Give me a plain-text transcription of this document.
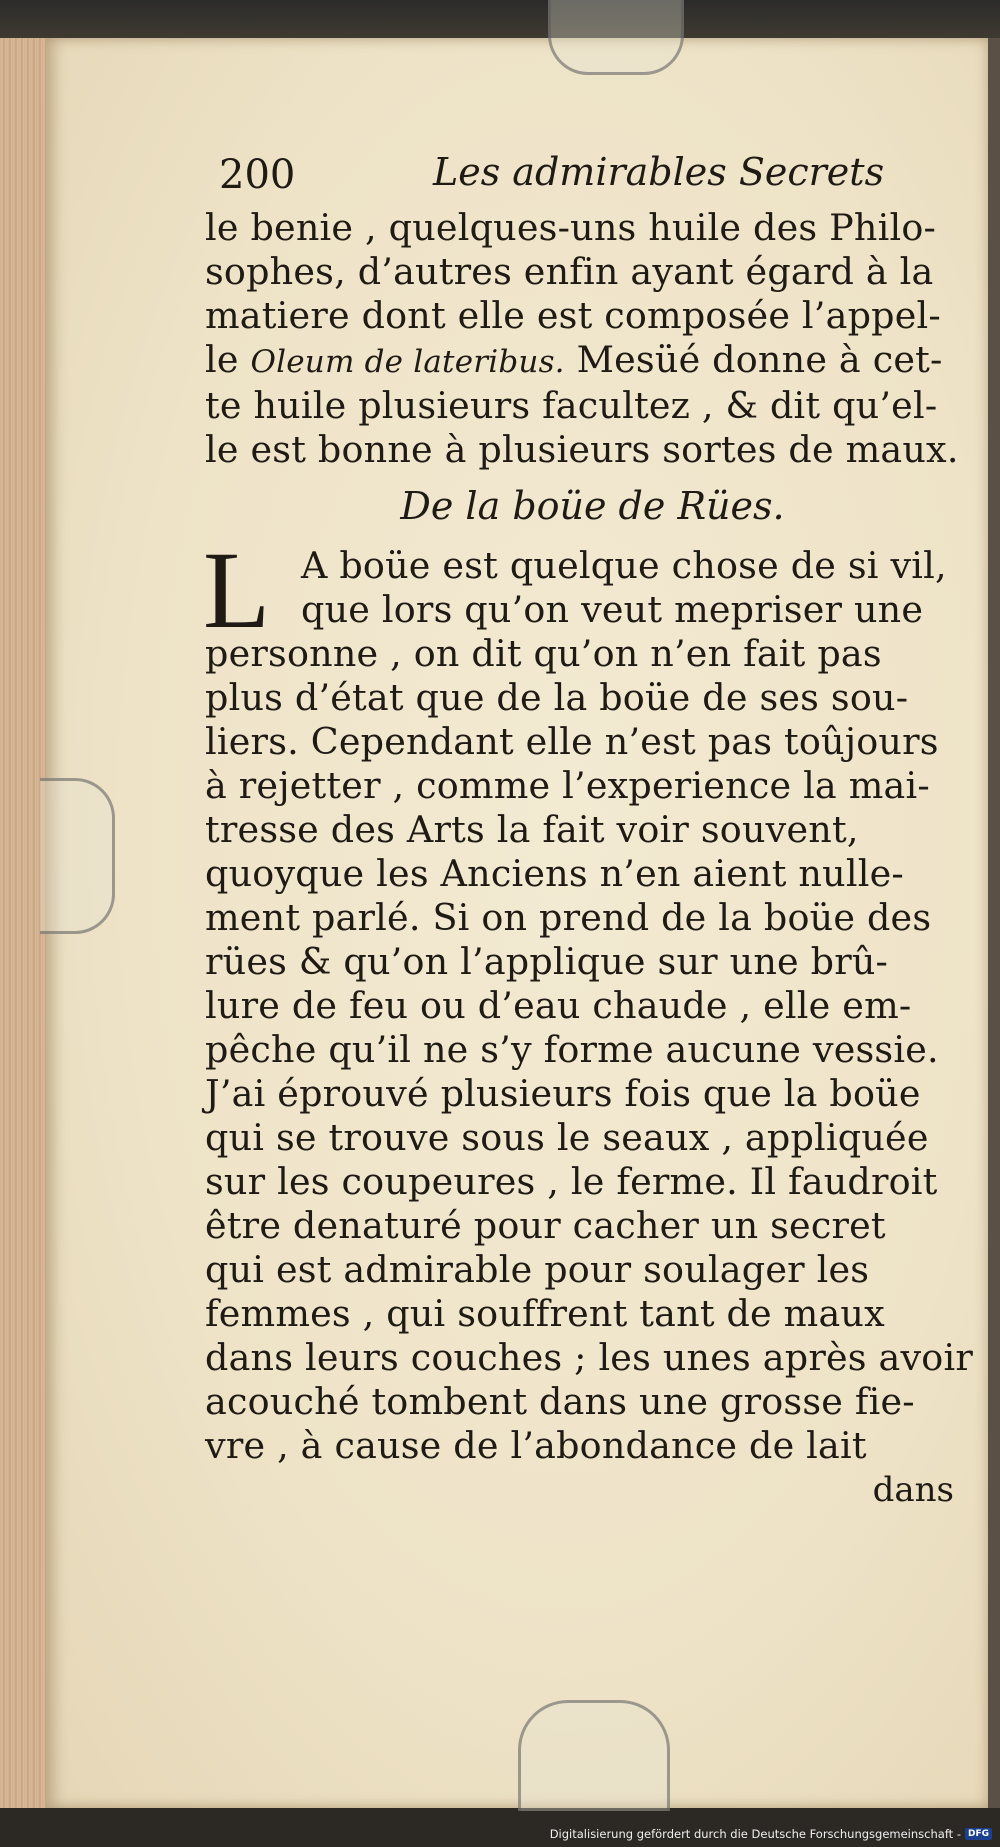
200	Les admirables Secrets
le benie , quelques-uns huile des Philo-
sophes, d’autres enfin ayant égard à la
matiere dont elle est composée l’appel-
le Oleum de lateribus. Mesüé donne à cet-
te huile plusieurs facultez , & dit qu’el-
le est bonne à plusieurs sortes de maux.
De la boüe de Rües.
L A boüe est quelque chose de si vil,
que lors qu’on veut mepriser une
personne , on dit qu’on n’en fait pas
plus d’état que de la boüe de ses sou-
liers. Cependant elle n’est pas toûjours
à rejetter , comme l’experience la mai-
tresse des Arts la fait voir souvent,
quoyque les Anciens n’en aient nulle-
ment parlé. Si on prend de la boüe des
rües & qu’on l’applique sur une brû-
lure de feu ou d’eau chaude , elle em-
pêche qu’il ne s’y forme aucune vessie.
J’ai éprouvé plusieurs fois que la boüe
qui se trouve sous le seaux , appliquée
sur les coupeures , le ferme. Il faudroit
être denaturé pour cacher un secret
qui est admirable pour soulager les
femmes , qui souffrent tant de maux
dans leurs couches ; les unes après avoir
acouché tombent dans une grosse fie-
vre , à cause de l’abondance de lait
dans
Digitalisierung gefördert durch die Deutsche Forschungsgemeinschaft - DFG
